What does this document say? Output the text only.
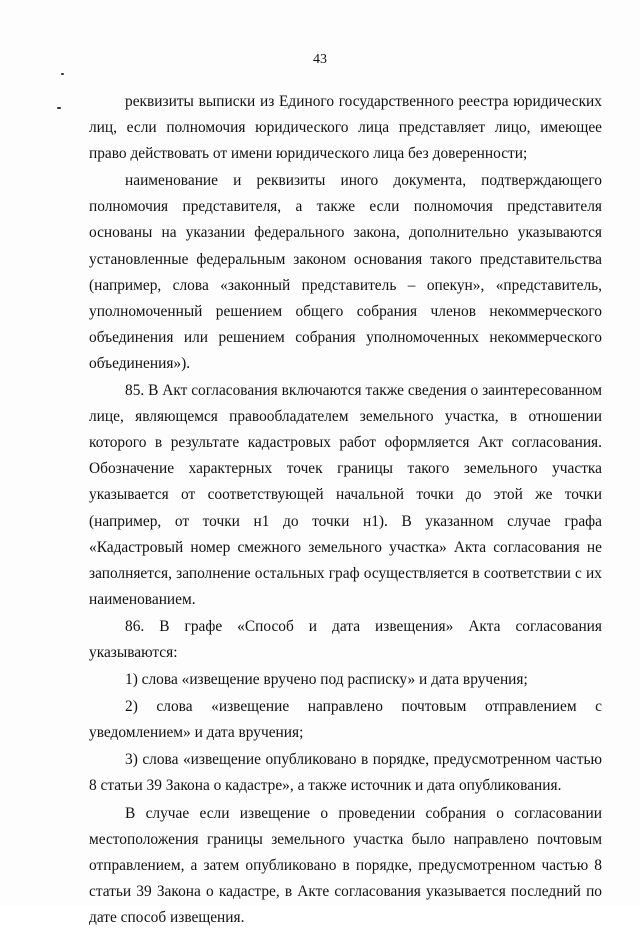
43

реквизиты выписки из Единого государственного реестра юридических лиц, если полномочия юридического лица представляет лицо, имеющее право действовать от имени юридического лица без доверенности;

наименование и реквизиты иного документа, подтверждающего полномочия представителя, а также если полномочия представителя основаны на указании федерального закона, дополнительно указываются установленные федеральным законом основания такого представительства (например, слова «законный представитель – опекун», «представитель, уполномоченный решением общего собрания членов некоммерческого объединения или решением собрания уполномоченных некоммерческого объединения»).

85. В Акт согласования включаются также сведения о заинтересованном лице, являющемся правообладателем земельного участка, в отношении которого в результате кадастровых работ оформляется Акт согласования. Обозначение характерных точек границы такого земельного участка указывается от соответствующей начальной точки до этой же точки (например, от точки н1 до точки н1). В указанном случае графа «Кадастровый номер смежного земельного участка» Акта согласования не заполняется, заполнение остальных граф осуществляется в соответствии с их наименованием.

86. В графе «Способ и дата извещения» Акта согласования указываются:

1) слова «извещение вручено под расписку» и дата вручения;

2) слова «извещение направлено почтовым отправлением с уведомлением» и дата вручения;

3) слова «извещение опубликовано в порядке, предусмотренном частью 8 статьи 39 Закона о кадастре», а также источник и дата опубликования.

В случае если извещение о проведении собрания о согласовании местоположения границы земельного участка было направлено почтовым отправлением, а затем опубликовано в порядке, предусмотренном частью 8 статьи 39 Закона о кадастре, в Акте согласования указывается последний по дате способ извещения.
